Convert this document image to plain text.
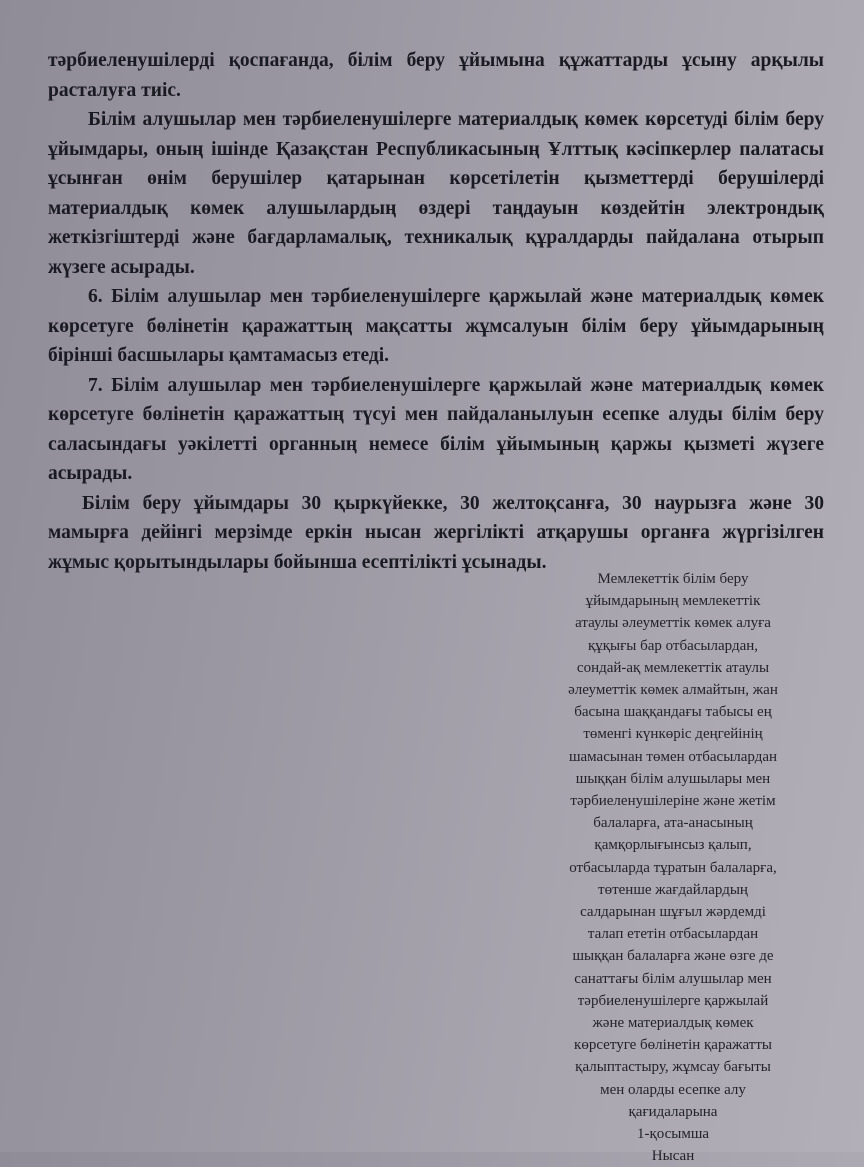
тәрбиеленушілерді қоспағанда, білім беру ұйымына құжаттарды ұсыну арқылы расталуға тиіс.

Білім алушылар мен тәрбиеленушілерге материалдық көмек көрсетуді білім беру ұйымдары, оның ішінде Қазақстан Республикасының Ұлттық кәсіпкерлер палатасы ұсынған өнім берушілер қатарынан көрсетілетін қызметтерді берушілерді материалдық көмек алушылардың өздері таңдауын көздейтін электрондық жеткізгіштерді және бағдарламалық, техникалық құралдарды пайдалана отырып жүзеге асырады.

6. Білім алушылар мен тәрбиеленушілерге қаржылай және материалдық көмек көрсетуге бөлінетін қаражаттың мақсатты жұмсалуын білім беру ұйымдарының бірінші басшылары қамтамасыз етеді.

7. Білім алушылар мен тәрбиеленушілерге қаржылай және материалдық көмек көрсетуге бөлінетін қаражаттың түсуі мен пайдаланылуын есепке алуды білім беру саласындағы уәкілетті органның немесе білім ұйымының қаржы қызметі жүзеге асырады.

Білім беру ұйымдары 30 қыркүйекке, 30 желтоқсанға, 30 наурызға және 30 мамырға дейінгі мерзімде еркін нысан жергілікті атқарушы органға жүргізілген жұмыс қорытындылары бойынша есептілікті ұсынады.

Мемлекеттік білім беру
ұйымдарының мемлекеттік
атаулы әлеуметтік көмек алуға
құқығы бар отбасылардан,
сондай-ақ мемлекеттік атаулы
әлеуметтік көмек алмайтын, жан
басына шаққандағы табысы ең
төменгі күнкөріс деңгейінің
шамасынан төмен отбасылардан
шыққан білім алушылары мен
тәрбиеленушілеріне және жетім
балаларға, ата-анасының
қамқорлығынсыз қалып,
отбасыларда тұратын балаларға,
төтенше жағдайлардың
салдарынан шұғыл жәрдемді
талап ететін отбасылардан
шыққан балаларға және өзге де
санаттағы білім алушылар мен
тәрбиеленушілерге қаржылай
және материалдық көмек
көрсетуге бөлінетін қаражатты
қалыптастыру, жұмсау бағыты
мен оларды есепке алу
қағидаларына
1-қосымша
Нысан
